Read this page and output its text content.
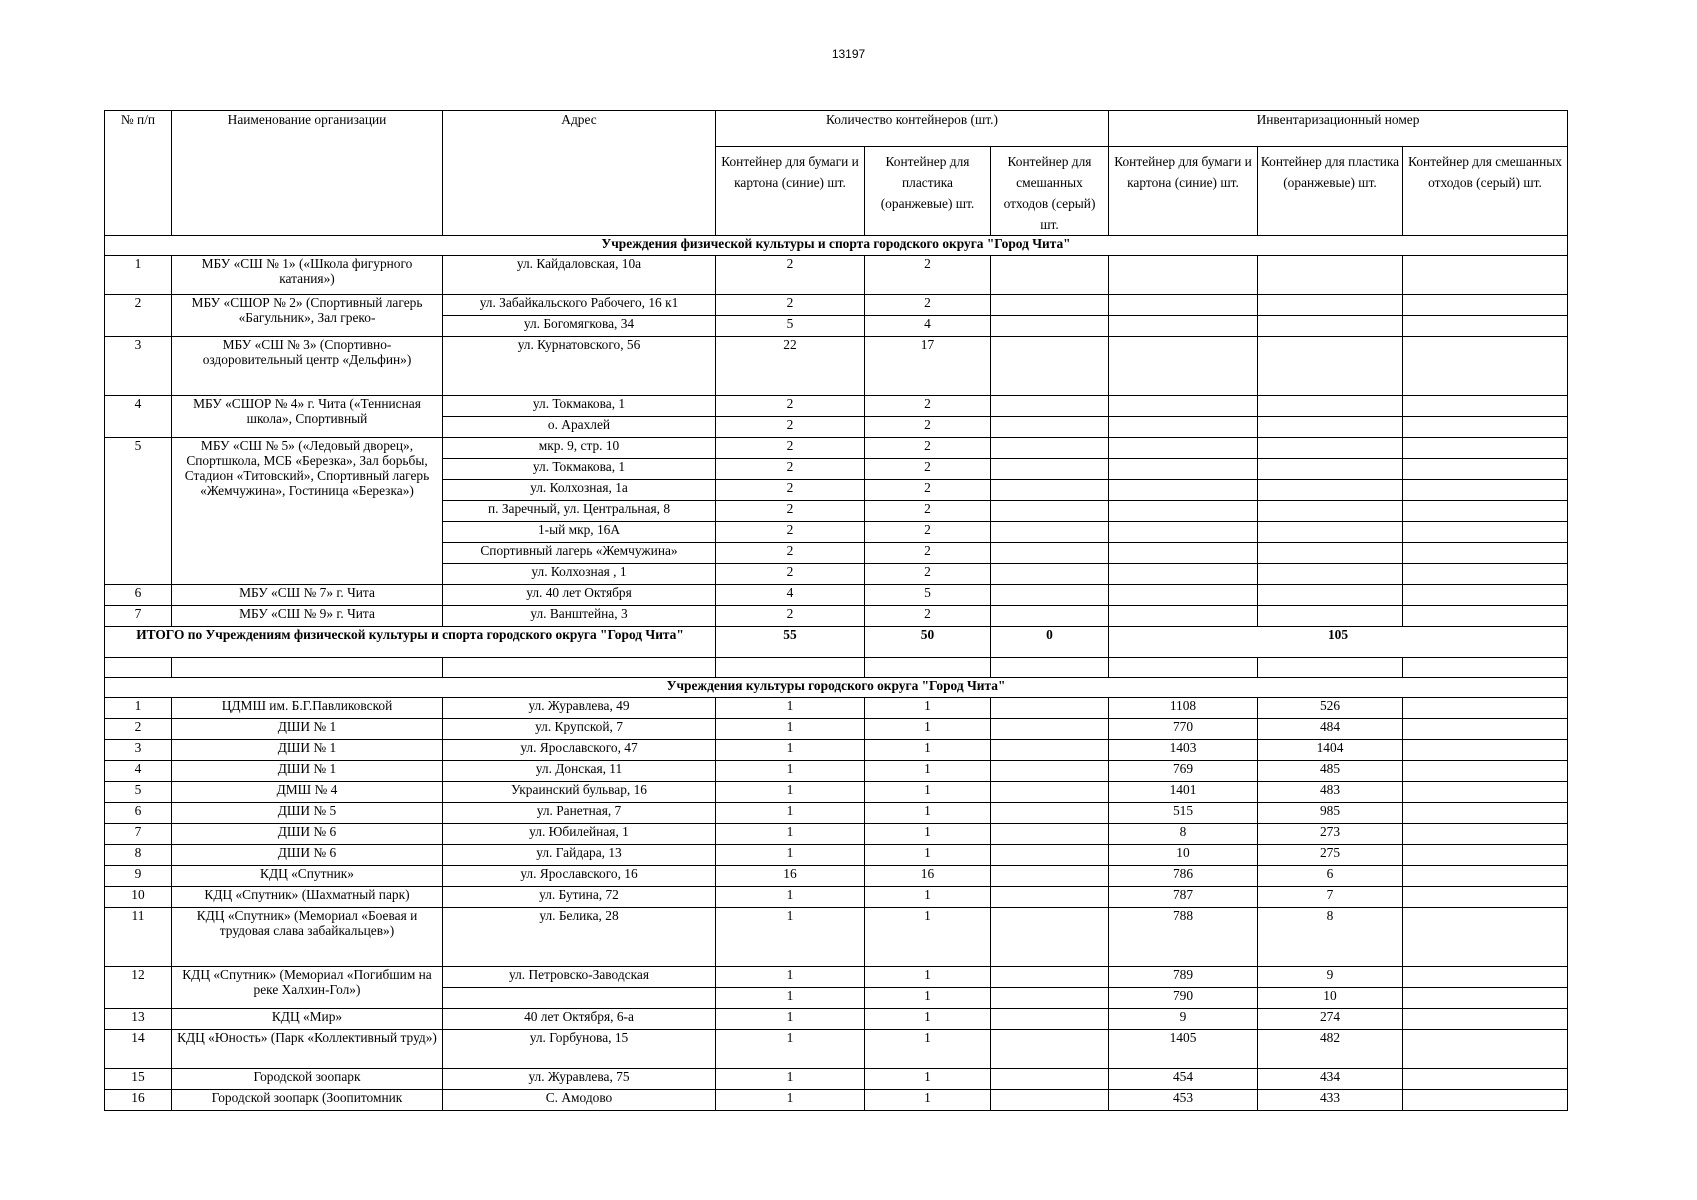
13197
№ п/п	Наименование организации	Адрес	Количество контейнеров (шт.)			Инвентаризационный номер		
			Контейнер для бумаги и картона (синие) шт.	Контейнер для пластика (оранжевые) шт.	Контейнер для смешанных отходов (серый) шт.	Контейнер для бумаги и картона (синие) шт.	Контейнер для пластика (оранжевые) шт.	Контейнер для смешанных отходов (серый) шт.
Учреждения физической культуры и спорта городского округа "Город Чита"								
1	МБУ «СШ № 1» («Школа фигурного катания»)	ул. Кайдаловская, 10а	2	2				
2	МБУ «СШОР № 2» (Спортивный лагерь «Багульник», Зал греко-	ул. Забайкальского Рабочего, 16 к1	2	2				
		ул. Богомягкова, 34	5	4				
3	МБУ «СШ № 3» (Спортивно-оздоровительный центр «Дельфин»)	ул. Курнатовского, 56	22	17				
4	МБУ «СШОР № 4» г. Чита («Теннисная школа», Спортивный	ул. Токмакова, 1	2	2				
		о. Арахлей	2	2				
5	МБУ «СШ № 5» («Ледовый дворец», Спортшкола, МСБ «Березка», Зал борьбы, Стадион «Титовский», Спортивный лагерь «Жемчужина», Гостиница «Березка»)	мкр. 9, стр. 10	2	2				
		ул. Токмакова, 1	2	2				
		ул. Колхозная, 1а	2	2				
		п. Заречный, ул. Центральная, 8	2	2				
		1-ый мкр, 16А	2	2				
		Спортивный лагерь «Жемчужина»	2	2				
		ул. Колхозная , 1	2	2				
6	МБУ «СШ № 7» г. Чита	ул. 40 лет Октября	4	5				
7	МБУ «СШ № 9» г. Чита	ул. Ванштейна, 3	2	2				
ИТОГО по Учреждениям физической культуры и спорта городского округа "Город Чита"			55	50	0	105		

Учреждения культуры городского округа "Город Чита"								
1	ЦДМШ им. Б.Г.Павликовской	ул. Журавлева, 49	1	1		1108	526	
2	ДШИ № 1	ул. Крупской, 7	1	1		770	484	
3	ДШИ № 1	ул. Ярославского, 47	1	1		1403	1404	
4	ДШИ № 1	ул. Донская, 11	1	1		769	485	
5	ДМШ № 4	Украинский бульвар, 16	1	1		1401	483	
6	ДШИ № 5	ул. Ранетная, 7	1	1		515	985	
7	ДШИ № 6	ул. Юбилейная, 1	1	1		8	273	
8	ДШИ № 6	ул. Гайдара, 13	1	1		10	275	
9	КДЦ «Спутник»	ул. Ярославского, 16	16	16		786	6	
10	КДЦ «Спутник» (Шахматный парк)	ул. Бутина, 72	1	1		787	7	
11	КДЦ «Спутник» (Мемориал «Боевая и трудовая слава забайкальцев»)	ул. Белика, 28	1	1		788	8	
12	КДЦ «Спутник» (Мемориал «Погибшим на реке Халхин-Гол»)	ул. Петровско-Заводская	1	1		789	9	
			1	1		790	10	
13	КДЦ «Мир»	40 лет Октября, 6-а	1	1		9	274	
14	КДЦ «Юность» (Парк «Коллективный труд»)	ул. Горбунова, 15	1	1		1405	482	
15	Городской зоопарк	ул. Журавлева, 75	1	1		454	434	
16	Городской зоопарк (Зоопитомник	С. Амодово	1	1		453	433	
